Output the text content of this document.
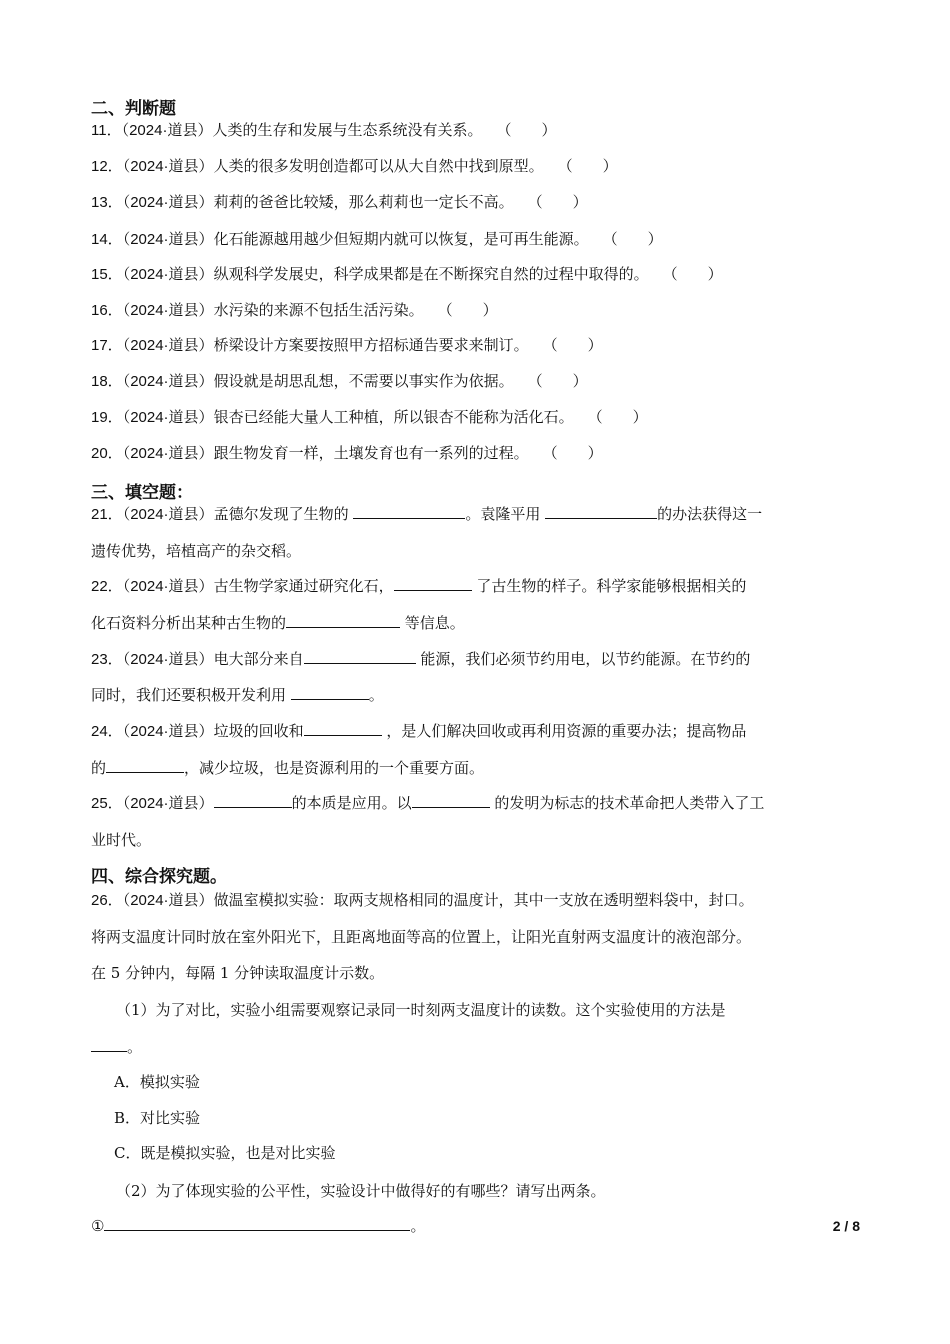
二、判断题
11．（2024·道县）人类的生存和发展与生态系统没有关系。 （　　）
12．（2024·道县）人类的很多发明创造都可以从大自然中找到原型。 （　　）
13．（2024·道县）莉莉的爸爸比较矮，那么莉莉也一定长不高。 （　　）
14．（2024·道县）化石能源越用越少但短期内就可以恢复，是可再生能源。 （　　）
15．（2024·道县）纵观科学发展史，科学成果都是在不断探究自然的过程中取得的。 （　　）
16．（2024·道县）水污染的来源不包括生活污染。 （　　）
17．（2024·道县）桥梁设计方案要按照甲方招标通告要求来制订。 （　　）
18．（2024·道县）假设就是胡思乱想，不需要以事实作为依据。 （　　）
19．（2024·道县）银杏已经能大量人工种植，所以银杏不能称为活化石。 （　　）
20．（2024·道县）跟生物发育一样，土壤发育也有一系列的过程。 （　　）
三、填空题：
21．（2024·道县）孟德尔发现了生物的	。袁隆平用	的办法获得这一
遗传优势，培植高产的杂交稻。
22．（2024·道县）古生物学家通过研究化石，	了古生物的样子。科学家能够根据相关的
化石资料分析出某种古生物的	等信息。
23．（2024·道县）电大部分来自	能源，我们必须节约用电，以节约能源。在节约的
同时，我们还要积极开发利用	。
24．（2024·道县）垃圾的回收和	，是人们解决回收或再利用资源的重要办法；提高物品
的	，减少垃圾，也是资源利用的一个重要方面。
25．（2024·道县）	的本质是应用。以	的发明为标志的技术革命把人类带入了工
业时代。
四、综合探究题。
26．（2024·道县）做温室模拟实验：取两支规格相同的温度计，其中一支放在透明塑料袋中，封口。
将两支温度计同时放在室外阳光下，且距离地面等高的位置上，让阳光直射两支温度计的液泡部分。
在 5 分钟内，每隔 1 分钟读取温度计示数。
（1）为了对比，实验小组需要观察记录同一时刻两支温度计的读数。这个实验使用的方法是
。
A．模拟实验
B．对比实验
C．既是模拟实验，也是对比实验
（2）为了体现实验的公平性，实验设计中做得好的有哪些？请写出两条。
①	。	2 / 8
